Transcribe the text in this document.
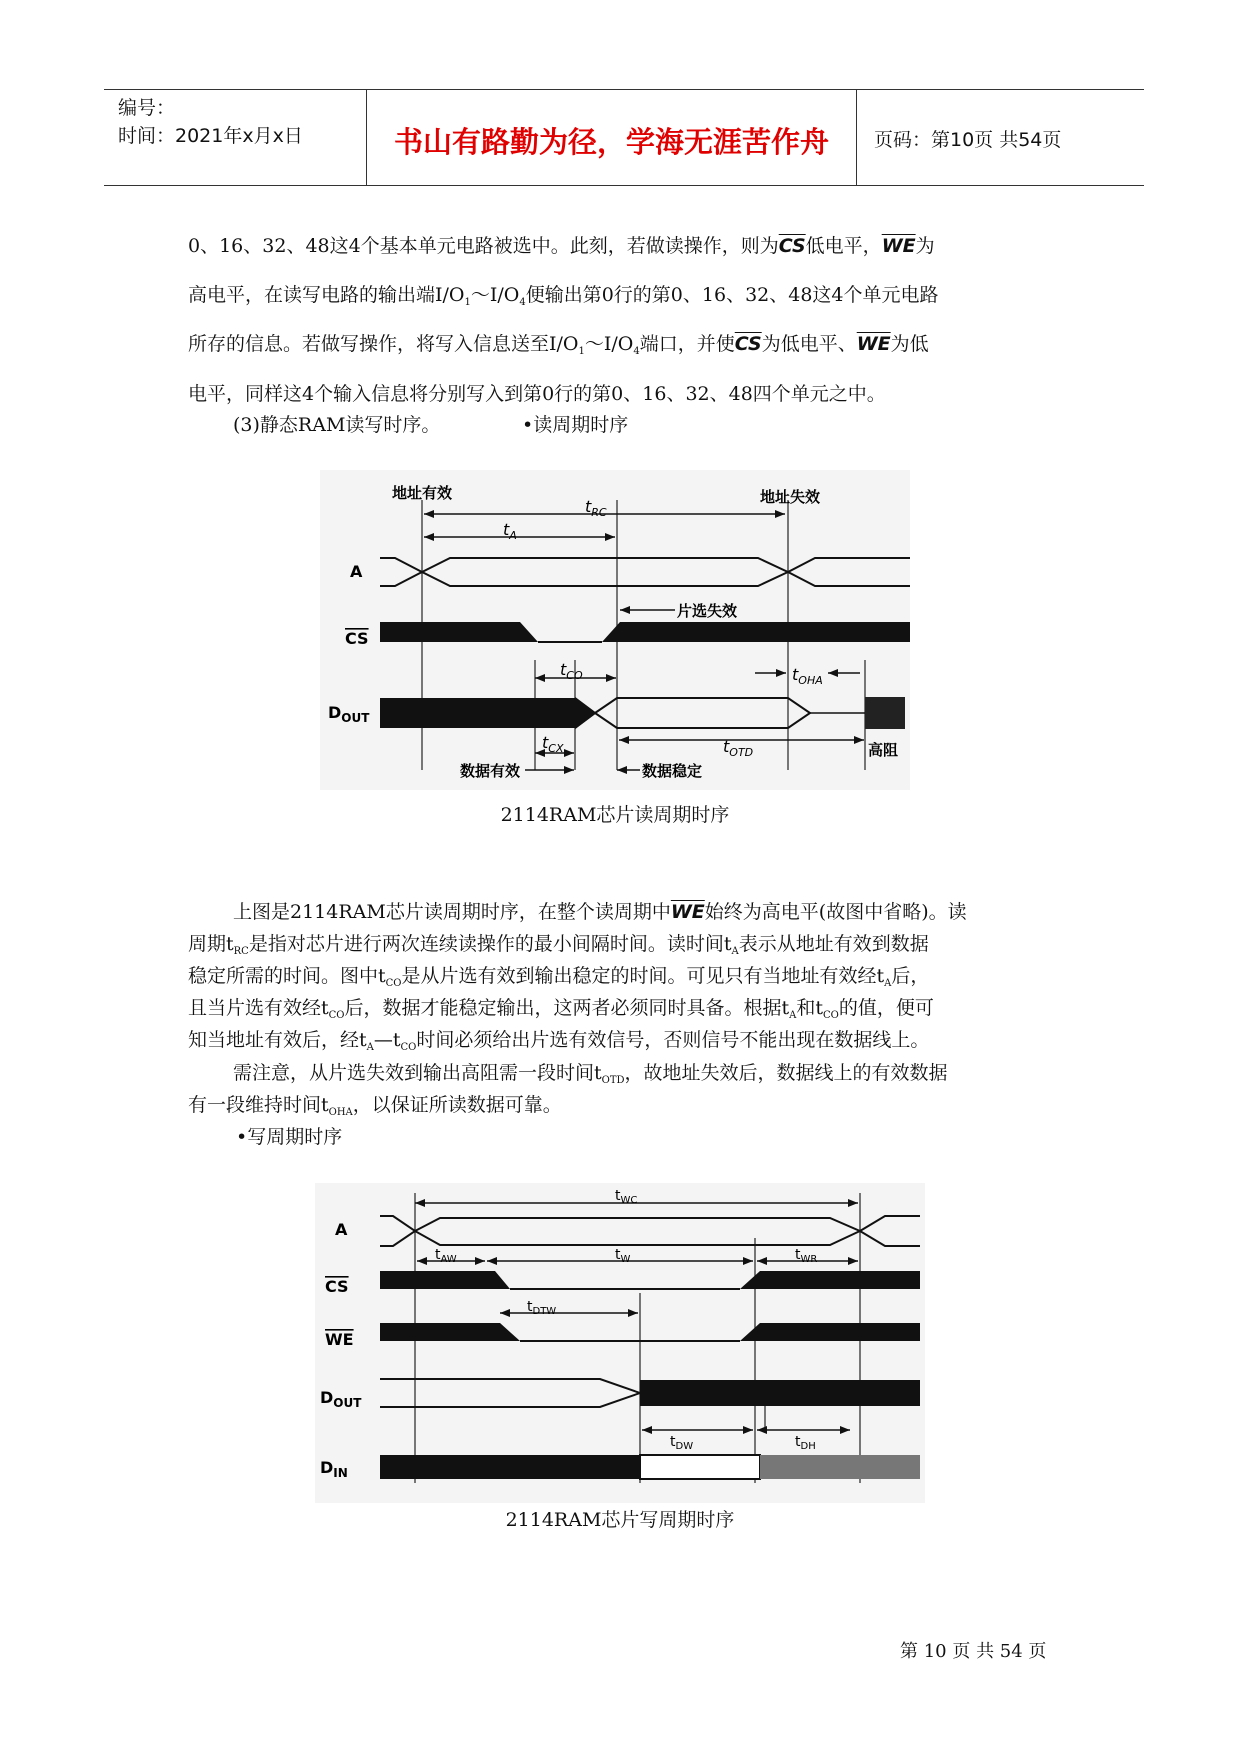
编号：
时间：2021年x月x日	书山有路勤为径，学海无涯苦作舟	页码：第10页 共54页
0、16、32、48这4个基本单元电路被选中。此刻，若做读操作，则为$\overline{CS}$低电平，$\overline{WE}$为
高电平，在读写电路的输出端$I/O_1\sim I/O_4$便输出第0行的第0、16、32、48这4个单元电路
所存的信息。若做写操作，将写入信息送至$I/O_1\sim I/O_4$端口，并使$\overline{CS}$为低电平、$\overline{WE}$为低
电平，同样这4个输入信息将分别写入到第0行的第0、16、32、48四个单元之中。
(3)静态RAM读写时序。	•读周期时序
地址有效	地址失效
$t_{RC}$
$t_A$
A
CS
片选失效
$t_{CO}$	$t_{OHA}$
$D_{OUT}$
$t_{CX}$	$t_{OTD}$	高阻
数据有效	数据稳定
2114RAM芯片读周期时序
上图是2114RAM芯片读周期时序，在整个读周期中$\overline{WE}$始终为高电平(故图中省略)。读
周期$t_{RC}$是指对芯片进行两次连续读操作的最小间隔时间。读时间$t_A$表示从地址有效到数据
稳定所需的时间。图中$t_{CO}$是从片选有效到输出稳定的时间。可见只有当地址有效经$t_A$后，
且当片选有效经$t_{CO}$后，数据才能稳定输出，这两者必须同时具备。根据$t_A$和$t_{CO}$的值，便可
知当地址有效后，经$t_A—t_{CO}$时间必须给出片选有效信号，否则信号不能出现在数据线上。
需注意，从片选失效到输出高阻需一段时间$t_{OTD}$，故地址失效后，数据线上的有效数据
有一段维持时间$t_{OHA}$，以保证所读数据可靠。
•写周期时序
$t_{WC}$
A
$t_{AW}$	$t_W$	$t_{WR}$
CS
$t_{DTW}$
WE
$D_{OUT}$
$t_{DW}$	$t_{DH}$
$D_{IN}$
2114RAM芯片写周期时序
第 10 页 共 54 页
